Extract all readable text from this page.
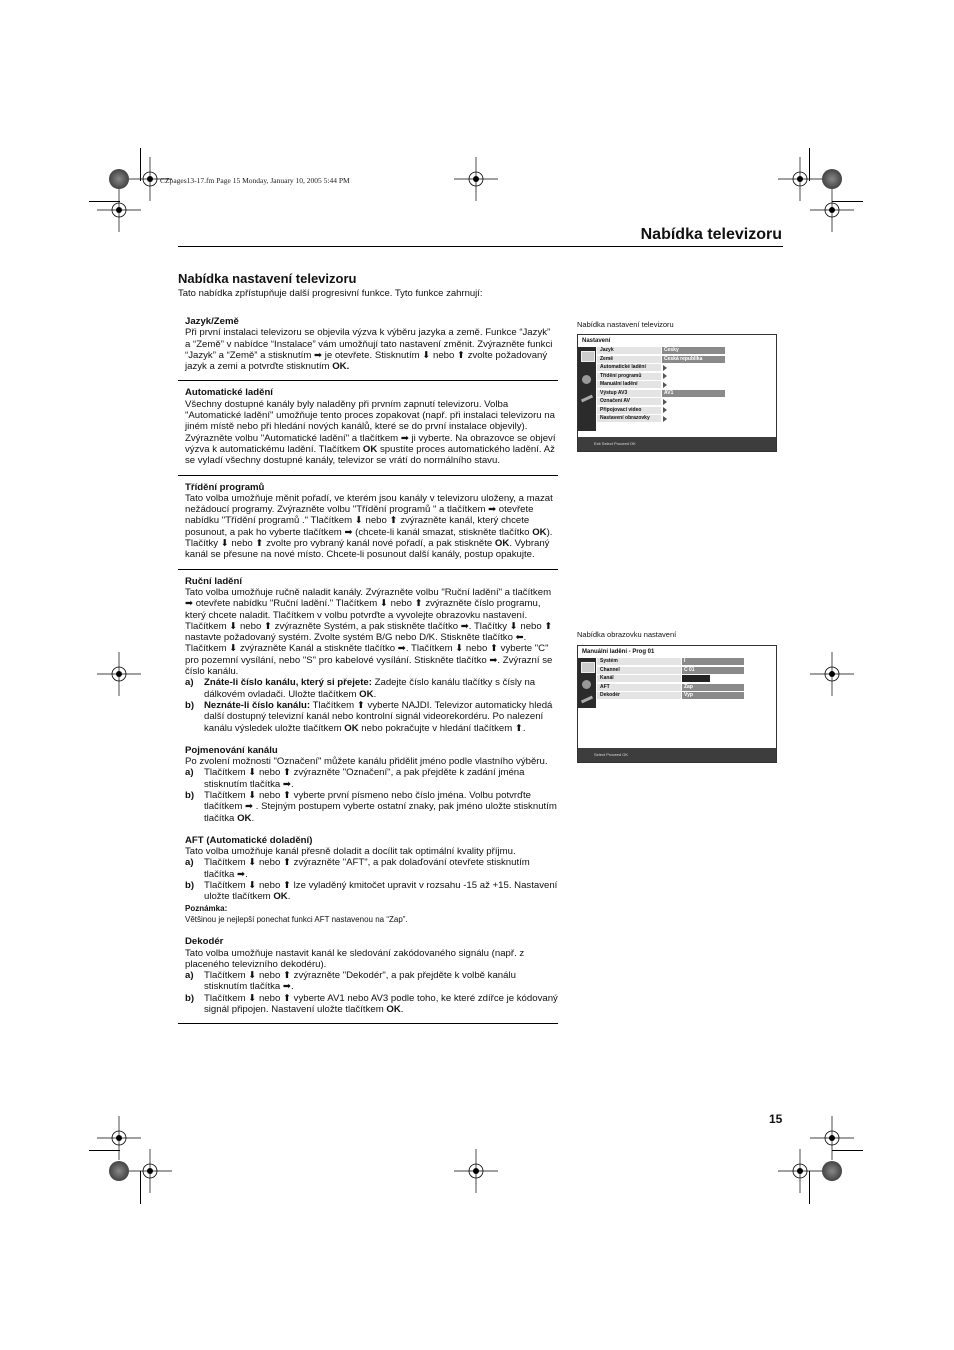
CZpages13-17.fm Page 15 Monday, January 10, 2005 5:44 PM
Nabídka televizoru
Nabídka nastavení televizoru
Tato nabídka zpřístupňuje další progresivní funkce. Tyto funkce zahrnují:

Jazyk/Země

Při první instalaci televizoru se objevila výzva k výběru jazyka a země. Funkce “Jazyk” a “Země” v nabídce “Instalace” vám umožňují tato nastavení změnit. Zvýrazněte funkci “Jazyk” a “Země” a stisknutím ➡ je otevřete. Stisknutím ⬇ nebo ⬆ zvolte požadovaný jazyk a zemi a potvrďte stisknutím OK.

Automatické ladění

Všechny dostupné kanály byly naladěny při prvním zapnutí televizoru. Volba "Automatické ladění" umožňuje tento proces zopakovat (např. při instalaci televizoru na jiném místě nebo při hledání nových kanálů, které se do první instalace objevily). Zvýrazněte volbu "Automatické ladění" a tlačítkem ➡ ji vyberte. Na obrazovce se objeví výzva k automatickému ladění. Tlačítkem OK spustíte proces automatického ladění. Až se vyladí všechny dostupné kanály, televizor se vrátí do normálního stavu.

Třídění programů

Tato volba umožňuje měnit pořadí, ve kterém jsou kanály v televizoru uloženy, a mazat nežádoucí programy. Zvýrazněte volbu "Třídění programů " a tlačítkem ➡ otevřete nabídku "Třídění programů ." Tlačítkem ⬇ nebo ⬆ zvýrazněte kanál, který chcete posunout, a pak ho vyberte tlačítkem ➡ (chcete-li kanál smazat, stiskněte tlačítko OK). Tlačítky ⬇ nebo ⬆ zvolte pro vybraný kanál nové pořadí, a pak stiskněte OK. Vybraný kanál se přesune na nové místo. Chcete-li posunout další kanály, postup opakujte.

Ruční ladění

Tato volba umožňuje ručně naladit kanály. Zvýrazněte volbu "Ruční ladění" a tlačítkem ➡ otevřete nabídku "Ruční ladění." Tlačítkem ⬇ nebo ⬆ zvýrazněte číslo programu, který chcete naladit. Tlačítkem v volbu potvrďte a vyvolejte obrazovku nastavení. Tlačítkem ⬇ nebo ⬆ zvýrazněte Systém, a pak stiskněte tlačítko ➡. Tlačítky ⬇ nebo ⬆ nastavte požadovaný systém. Zvolte systém B/G nebo D/K. Stiskněte tlačítko ⬅. Tlačítkem ⬇ zvýrazněte Kanál a stiskněte tlačítko ➡. Tlačítkem ⬇ nebo ⬆ vyberte "C" pro pozemní vysílání, nebo "S" pro kabelové vysílání. Stiskněte tlačítko ➡. Zvýrazní se číslo kanálu.

a) Znáte-li číslo kanálu, který si přejete: Zadejte číslo kanálu tlačítky s čísly na dálkovém ovladači. Uložte tlačítkem OK.
b) Neznáte-li číslo kanálu: Tlačítkem ⬆ vyberte NAJDI. Televizor automaticky hledá další dostupný televizní kanál nebo kontrolní signál videorekordéru. Po nalezení kanálu výsledek uložte tlačítkem OK nebo pokračujte v hledání tlačítkem ⬆.

Pojmenování kanálu

Po zvolení možnosti "Označení" můžete kanálu přidělit jméno podle vlastního výběru.

a) Tlačítkem ⬇ nebo ⬆ zvýrazněte "Označení", a pak přejděte k zadání jména stisknutím tlačítka ➡.
b) Tlačítkem ⬇ nebo ⬆ vyberte první písmeno nebo číslo jména. Volbu potvrďte tlačítkem ➡ . Stejným postupem vyberte ostatní znaky, pak jméno uložte stisknutím tlačítka OK.

AFT (Automatické doladění)

Tato volba umožňuje kanál přesně doladit a docílit tak optimální kvality příjmu.

a) Tlačítkem ⬇ nebo ⬆ zvýrazněte "AFT", a pak dolaďování otevřete stisknutím tlačítka ➡.
b) Tlačítkem ⬇ nebo ⬆ lze vyladěný kmitočet upravit v rozsahu -15 až +15. Nastavení uložte tlačítkem OK.

Poznámka:

Většinou je nejlepší ponechat funkci AFT nastavenou na “Zap”.

Dekodér

Tato volba umožňuje nastavit kanál ke sledování zakódovaného signálu (např. z placeného televizního dekodéru).

a) Tlačítkem ⬇ nebo ⬆ zvýrazněte "Dekodér", a pak přejděte k volbě kanálu stisknutím tlačítka ➡.
b) Tlačítkem ⬇ nebo ⬆ vyberte AV1 nebo AV3 podle toho, ke které zdířce je kódovaný signál připojen. Nastavení uložte tlačítkem OK.
Nabídka nastavení televizoru
Nastavení
Exit Select Proceed OK
Jazyk	Česky
Země	Česká republika
Automatické ladění
Třídění programů
Manuální ladění
Výstup AV3	AV1
Označení AV
Připojovací video
Nastavení obrazovky
Nabídka obrazovku nastavení
Manuální ladění - Prog 01
Select Proceed OK
Systém	I
Channel	C 01
Kanál
AFT	Zap
Dekodér	Vyp
15
